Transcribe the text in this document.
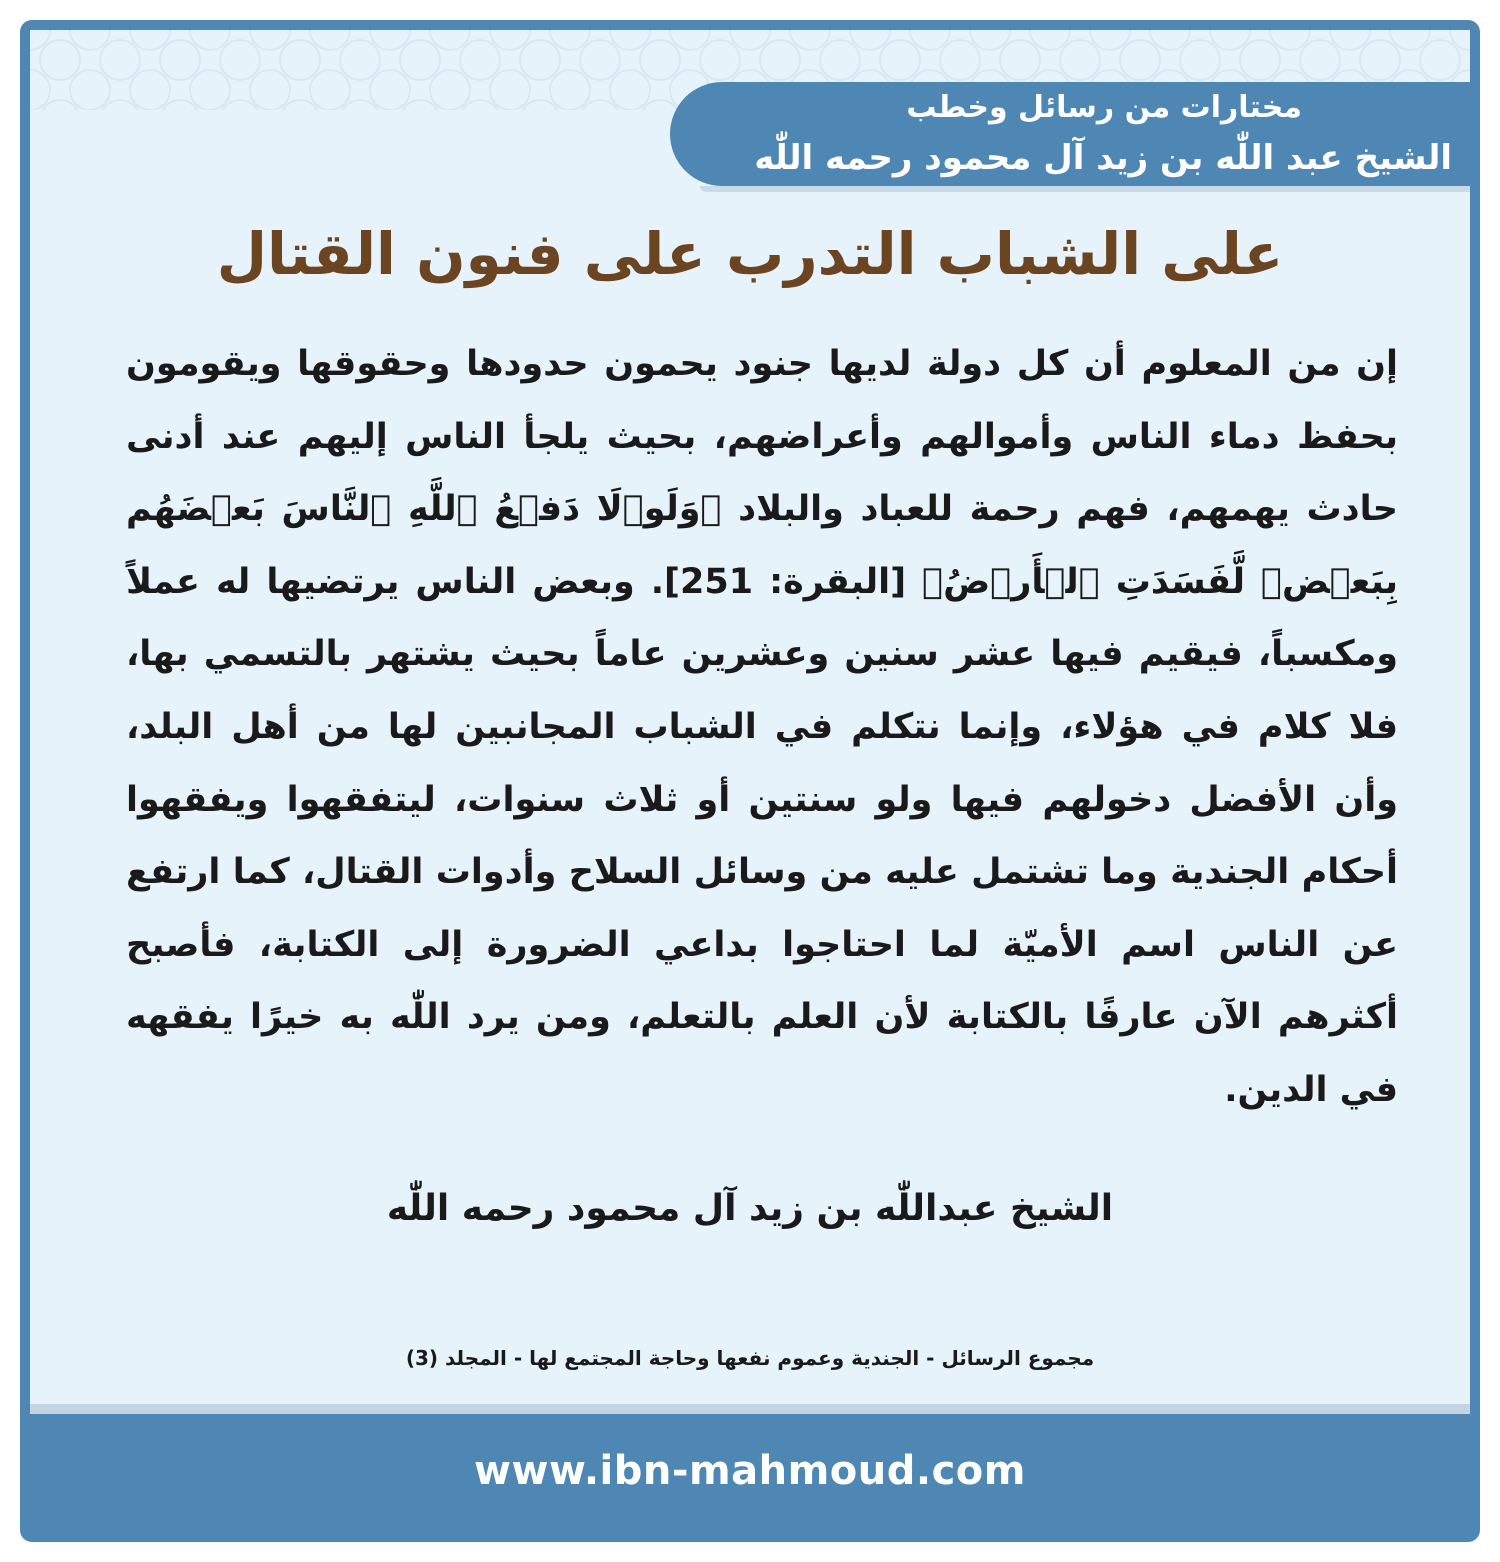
مختارات من رسائل وخطب
الشيخ عبد اللّٰه بن زيد آل محمود رحمه اللّٰه
على الشباب التدرب على فنون القتال
إن من المعلوم أن كل دولة لديها جنود يحمون حدودها وحقوقها ويقومون بحفظ دماء الناس وأموالهم وأعراضهم، بحيث يلجأ الناس إليهم عند أدنى حادث يهمهم، فهم رحمة للعباد والبلاد ﴿وَلَوۡلَا دَفۡعُ ٱللَّهِ ٱلنَّاسَ بَعۡضَهُم بِبَعۡضٖ لَّفَسَدَتِ ٱلۡأَرۡضُ﴾ [البقرة: 251]. وبعض الناس يرتضيها له عملاً ومكسباً، فيقيم فيها عشر سنين وعشرين عاماً بحيث يشتهر بالتسمي بها، فلا كلام في هؤلاء، وإنما نتكلم في الشباب المجانبين لها من أهل البلد، وأن الأفضل دخولهم فيها ولو سنتين أو ثلاث سنوات، ليتفقهوا ويفقهوا أحكام الجندية وما تشتمل عليه من وسائل السلاح وأدوات القتال، كما ارتفع عن الناس اسم الأميّة لما احتاجوا بداعي الضرورة إلى الكتابة، فأصبح أكثرهم الآن عارفًا بالكتابة لأن العلم بالتعلم، ومن يرد اللّٰه به خيرًا يفقهه في الدين.
الشيخ عبداللّٰه بن زيد آل محمود رحمه اللّٰه
مجموع الرسائل - الجندية وعموم نفعها وحاجة المجتمع لها - المجلد (3)
www.ibn-mahmoud.com
